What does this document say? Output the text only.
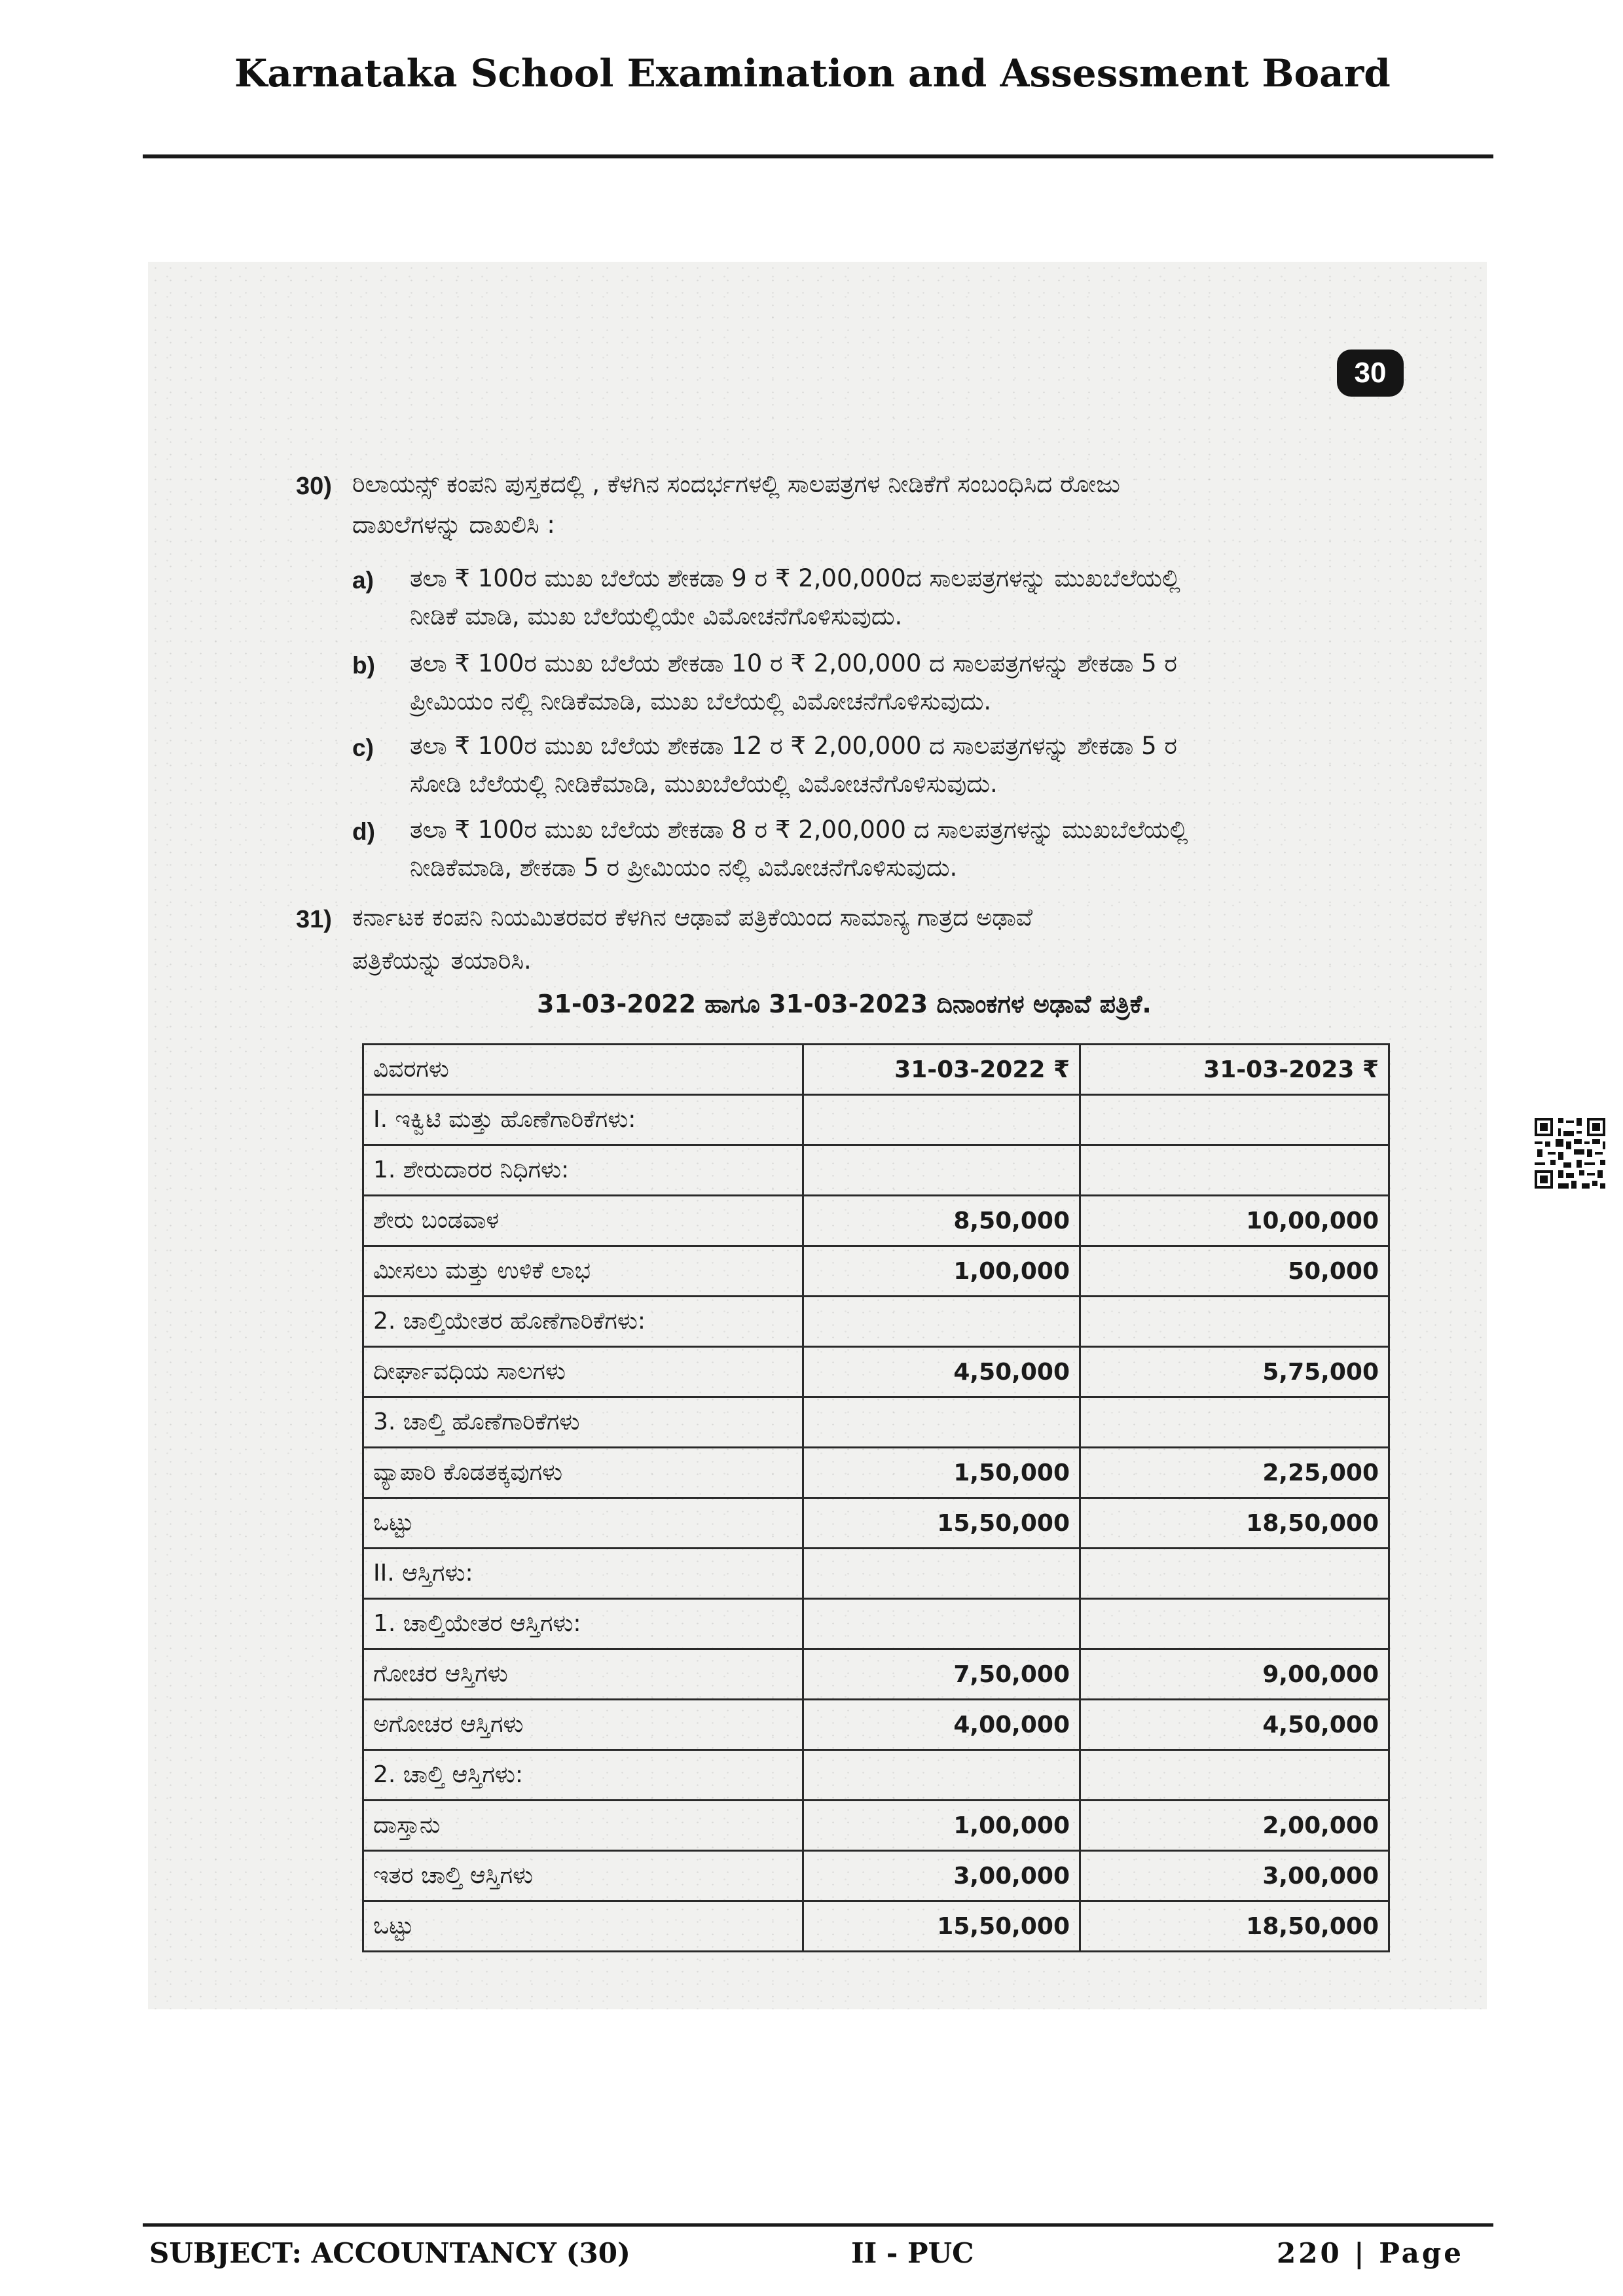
Karnataka School Examination and Assessment Board
30
30) ರಿಲಾಯನ್ಸ್ ಕಂಪನಿ ಪುಸ್ತಕದಲ್ಲಿ , ಕೆಳಗಿನ ಸಂದರ್ಭಗಳಲ್ಲಿ ಸಾಲಪತ್ರಗಳ ನೀಡಿಕೆಗೆ ಸಂಬಂಧಿಸಿದ ರೋಜು
ದಾಖಲೆಗಳನ್ನು ದಾಖಲಿಸಿ :
a) ತಲಾ ₹ 100ರ ಮುಖ ಬೆಲೆಯ ಶೇಕಡಾ 9 ರ ₹ 2,00,000ದ ಸಾಲಪತ್ರಗಳನ್ನು ಮುಖಬೆಲೆಯಲ್ಲಿ
ನೀಡಿಕೆ ಮಾಡಿ, ಮುಖ ಬೆಲೆಯಲ್ಲಿಯೇ ವಿಮೋಚನೆಗೊಳಿಸುವುದು.
b) ತಲಾ ₹ 100ರ ಮುಖ ಬೆಲೆಯ ಶೇಕಡಾ 10 ರ ₹ 2,00,000 ದ ಸಾಲಪತ್ರಗಳನ್ನು ಶೇಕಡಾ 5 ರ
ಪ್ರೀಮಿಯಂ ನಲ್ಲಿ ನೀಡಿಕೆಮಾಡಿ, ಮುಖ ಬೆಲೆಯಲ್ಲಿ ವಿಮೋಚನೆಗೊಳಿಸುವುದು.
c) ತಲಾ ₹ 100ರ ಮುಖ ಬೆಲೆಯ ಶೇಕಡಾ 12 ರ ₹ 2,00,000 ದ ಸಾಲಪತ್ರಗಳನ್ನು ಶೇಕಡಾ 5 ರ
ಸೋಡಿ ಬೆಲೆಯಲ್ಲಿ ನೀಡಿಕೆಮಾಡಿ, ಮುಖಬೆಲೆಯಲ್ಲಿ ವಿಮೋಚನೆಗೊಳಿಸುವುದು.
d) ತಲಾ ₹ 100ರ ಮುಖ ಬೆಲೆಯ ಶೇಕಡಾ 8 ರ ₹ 2,00,000 ದ ಸಾಲಪತ್ರಗಳನ್ನು ಮುಖಬೆಲೆಯಲ್ಲಿ
ನೀಡಿಕೆಮಾಡಿ, ಶೇಕಡಾ 5 ರ ಪ್ರೀಮಿಯಂ ನಲ್ಲಿ ವಿಮೋಚನೆಗೊಳಿಸುವುದು.
31) ಕರ್ನಾಟಕ ಕಂಪನಿ ನಿಯಮಿತರವರ ಕೆಳಗಿನ ಆಢಾವೆ ಪತ್ರಿಕೆಯಿಂದ ಸಾಮಾನ್ಯ ಗಾತ್ರದ ಅಢಾವೆ
ಪತ್ರಿಕೆಯನ್ನು ತಯಾರಿಸಿ.
31-03-2022 ಹಾಗೂ 31-03-2023 ದಿನಾಂಕಗಳ ಅಢಾವೆ ಪತ್ರಿಕೆ.
ವಿವರಗಳು	31-03-2022 ₹	31-03-2023 ₹
I. ಇಕ್ವಿಟಿ ಮತ್ತು ಹೊಣೆಗಾರಿಕೆಗಳು:		
1. ಶೇರುದಾರರ ನಿಧಿಗಳು:		
ಶೇರು ಬಂಡವಾಳ	8,50,000	10,00,000
ಮೀಸಲು ಮತ್ತು ಉಳಿಕೆ ಲಾಭ	1,00,000	50,000
2. ಚಾಲ್ತಿಯೇತರ ಹೊಣೆಗಾರಿಕೆಗಳು:		
ದೀರ್ಘಾವಧಿಯ ಸಾಲಗಳು	4,50,000	5,75,000
3. ಚಾಲ್ತಿ ಹೊಣೆಗಾರಿಕೆಗಳು		
ವ್ಯಾಪಾರಿ ಕೊಡತಕ್ಕವುಗಳು	1,50,000	2,25,000
ಒಟ್ಟು	15,50,000	18,50,000
II. ಆಸ್ತಿಗಳು:		
1. ಚಾಲ್ತಿಯೇತರ ಆಸ್ತಿಗಳು:		
ಗೋಚರ ಆಸ್ತಿಗಳು	7,50,000	9,00,000
ಅಗೋಚರ ಆಸ್ತಿಗಳು	4,00,000	4,50,000
2. ಚಾಲ್ತಿ ಆಸ್ತಿಗಳು:		
ದಾಸ್ತಾನು	1,00,000	2,00,000
ಇತರ ಚಾಲ್ತಿ ಆಸ್ತಿಗಳು	3,00,000	3,00,000
ಒಟ್ಟು	15,50,000	18,50,000
SUBJECT: ACCOUNTANCY (30)	II - PUC	220 | Page
